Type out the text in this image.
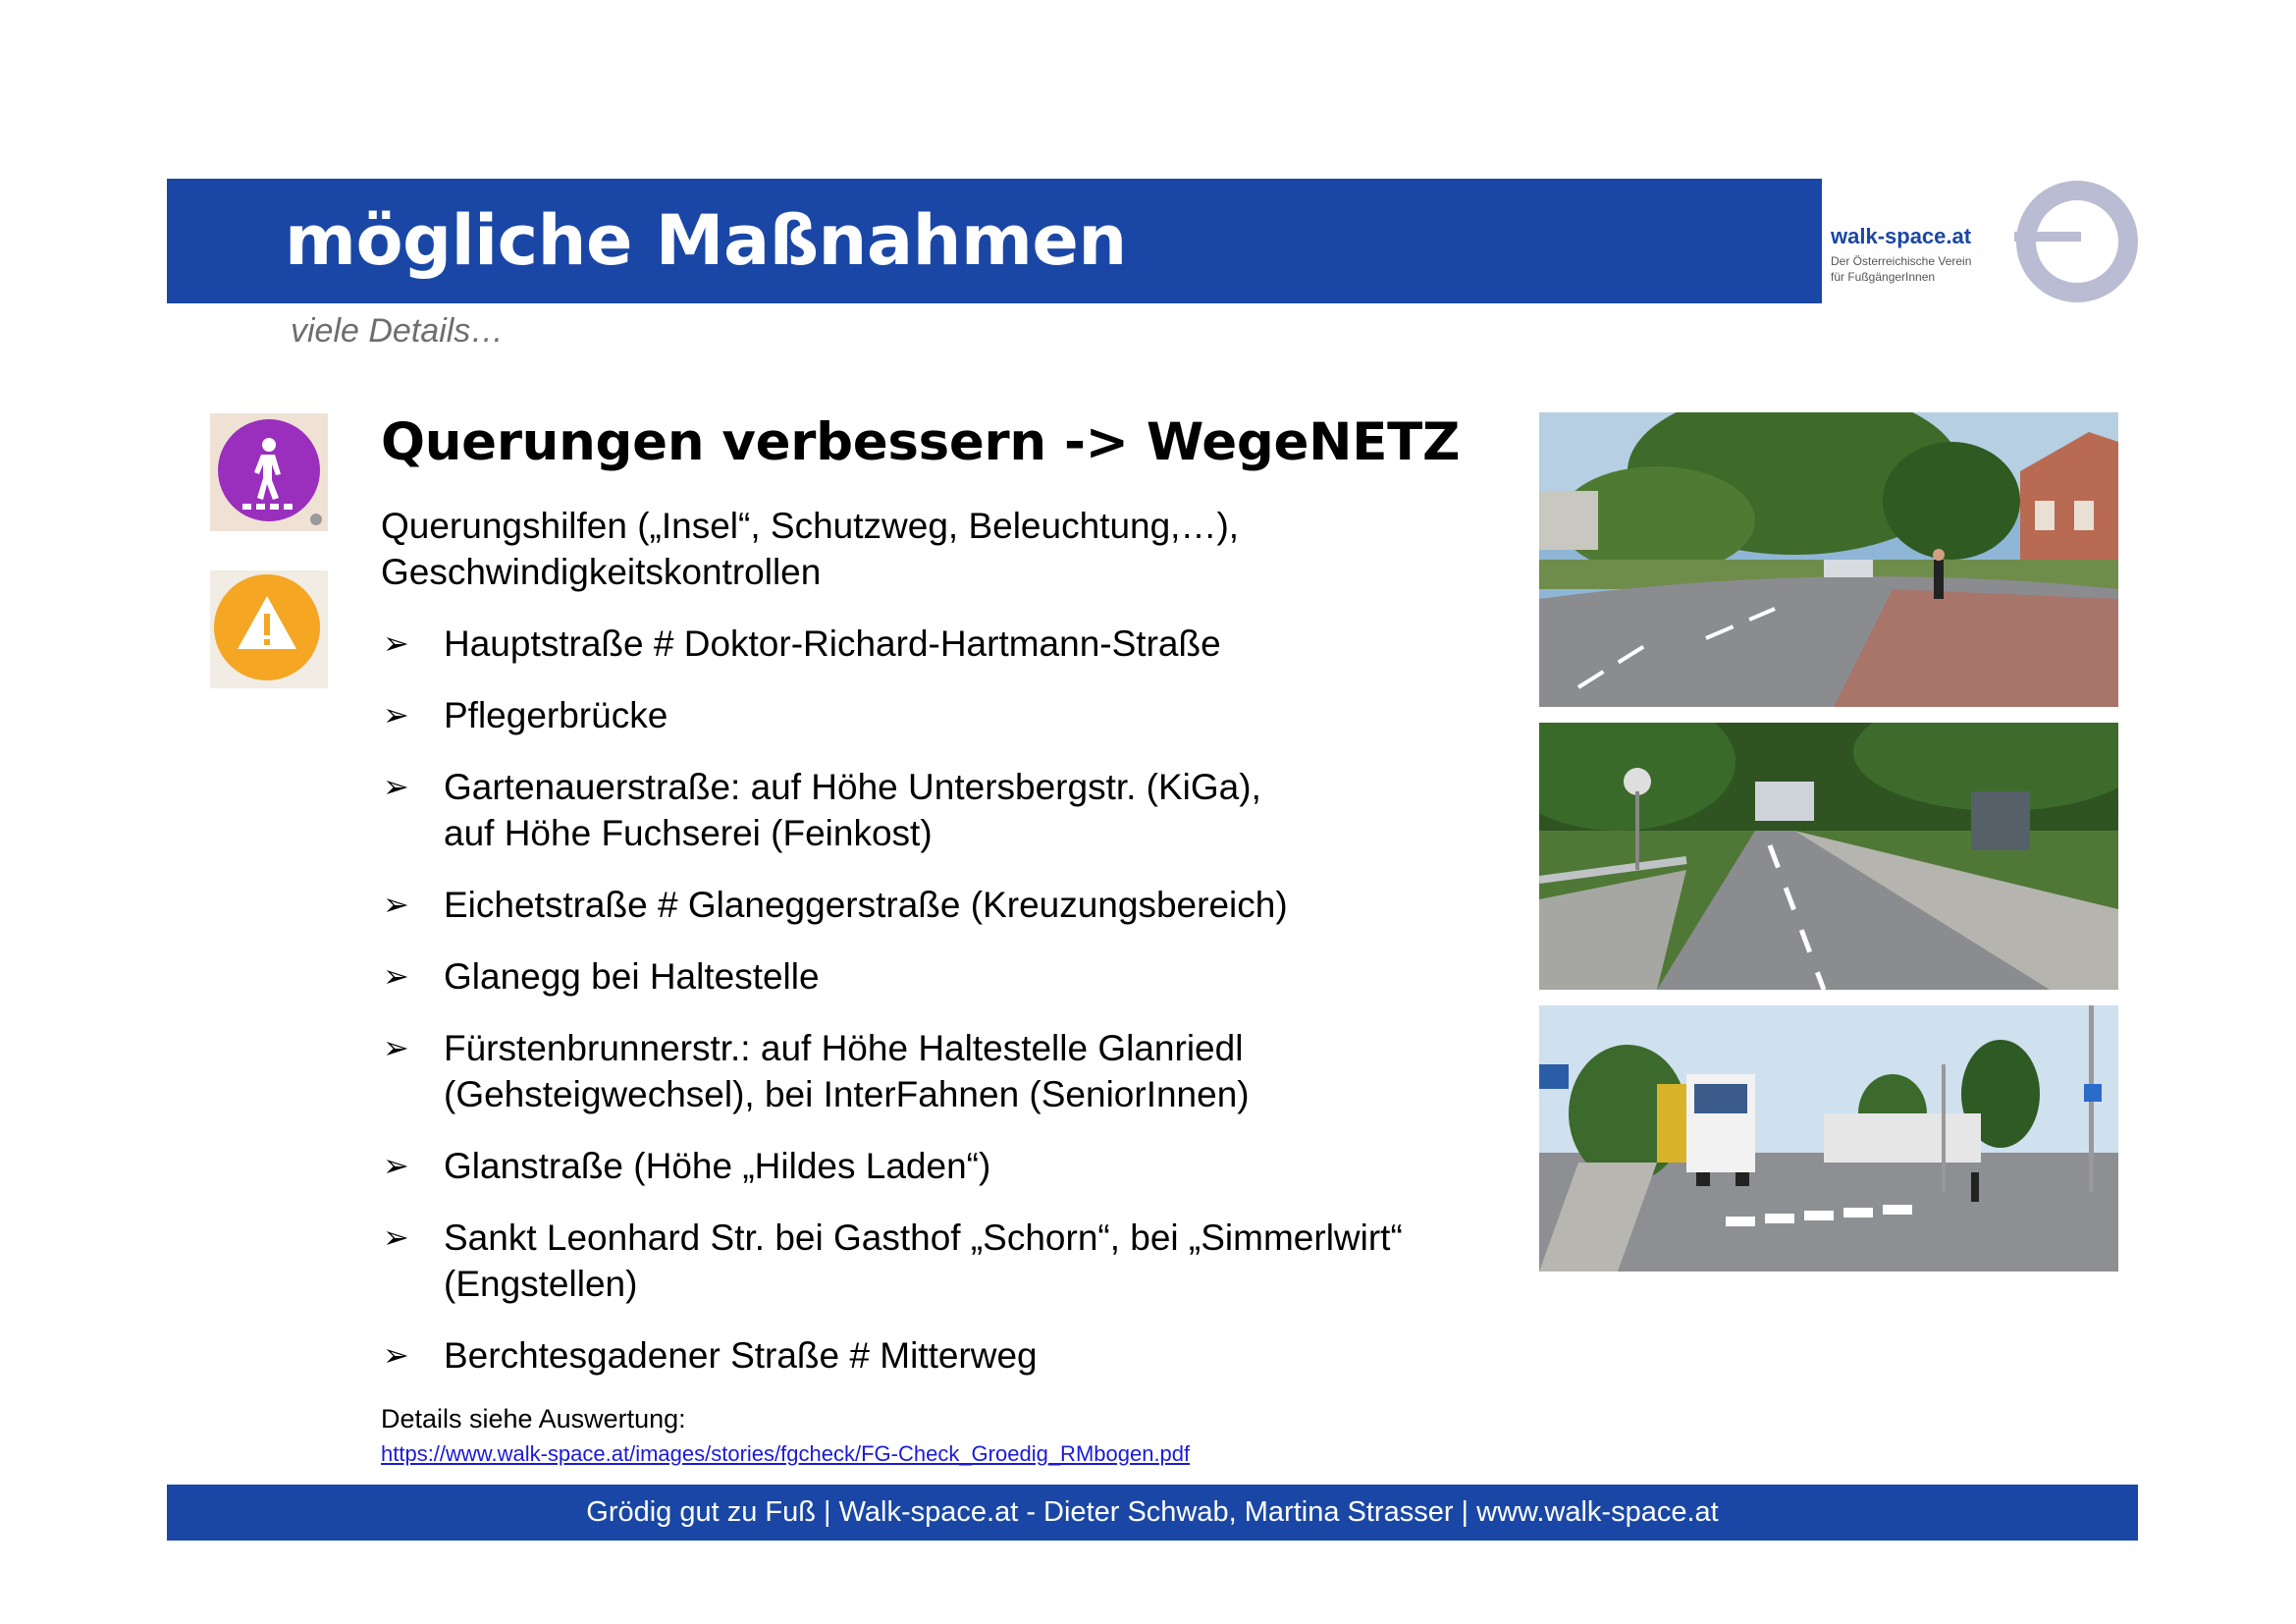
mögliche Maßnahmen
viele Details…
walk-space.at
Der Österreichische Verein
für FußgängerInnen
Querungen verbessern -> WegeNETZ
Querungshilfen („Insel“, Schutzweg, Beleuchtung,…),
Geschwindigkeitskontrollen
➢ Hauptstraße # Doktor-Richard-Hartmann-Straße
➢ Pflegerbrücke
➢ Gartenauerstraße: auf Höhe Untersbergstr. (KiGa),
auf Höhe Fuchserei (Feinkost)
➢ Eichetstraße # Glaneggerstraße (Kreuzungsbereich)
➢ Glanegg bei Haltestelle
➢ Fürstenbrunnerstr.: auf Höhe Haltestelle Glanriedl
(Gehsteigwechsel), bei InterFahnen (SeniorInnen)
➢ Glanstraße (Höhe „Hildes Laden“)
➢ Sankt Leonhard Str. bei Gasthof „Schorn“, bei „Simmerlwirt“
(Engstellen)
➢ Berchtesgadener Straße # Mitterweg
Details siehe Auswertung:
https://www.walk-space.at/images/stories/fgcheck/FG-Check_Groedig_RMbogen.pdf
Grödig gut zu Fuß | Walk-space.at - Dieter Schwab, Martina Strasser | www.walk-space.at
